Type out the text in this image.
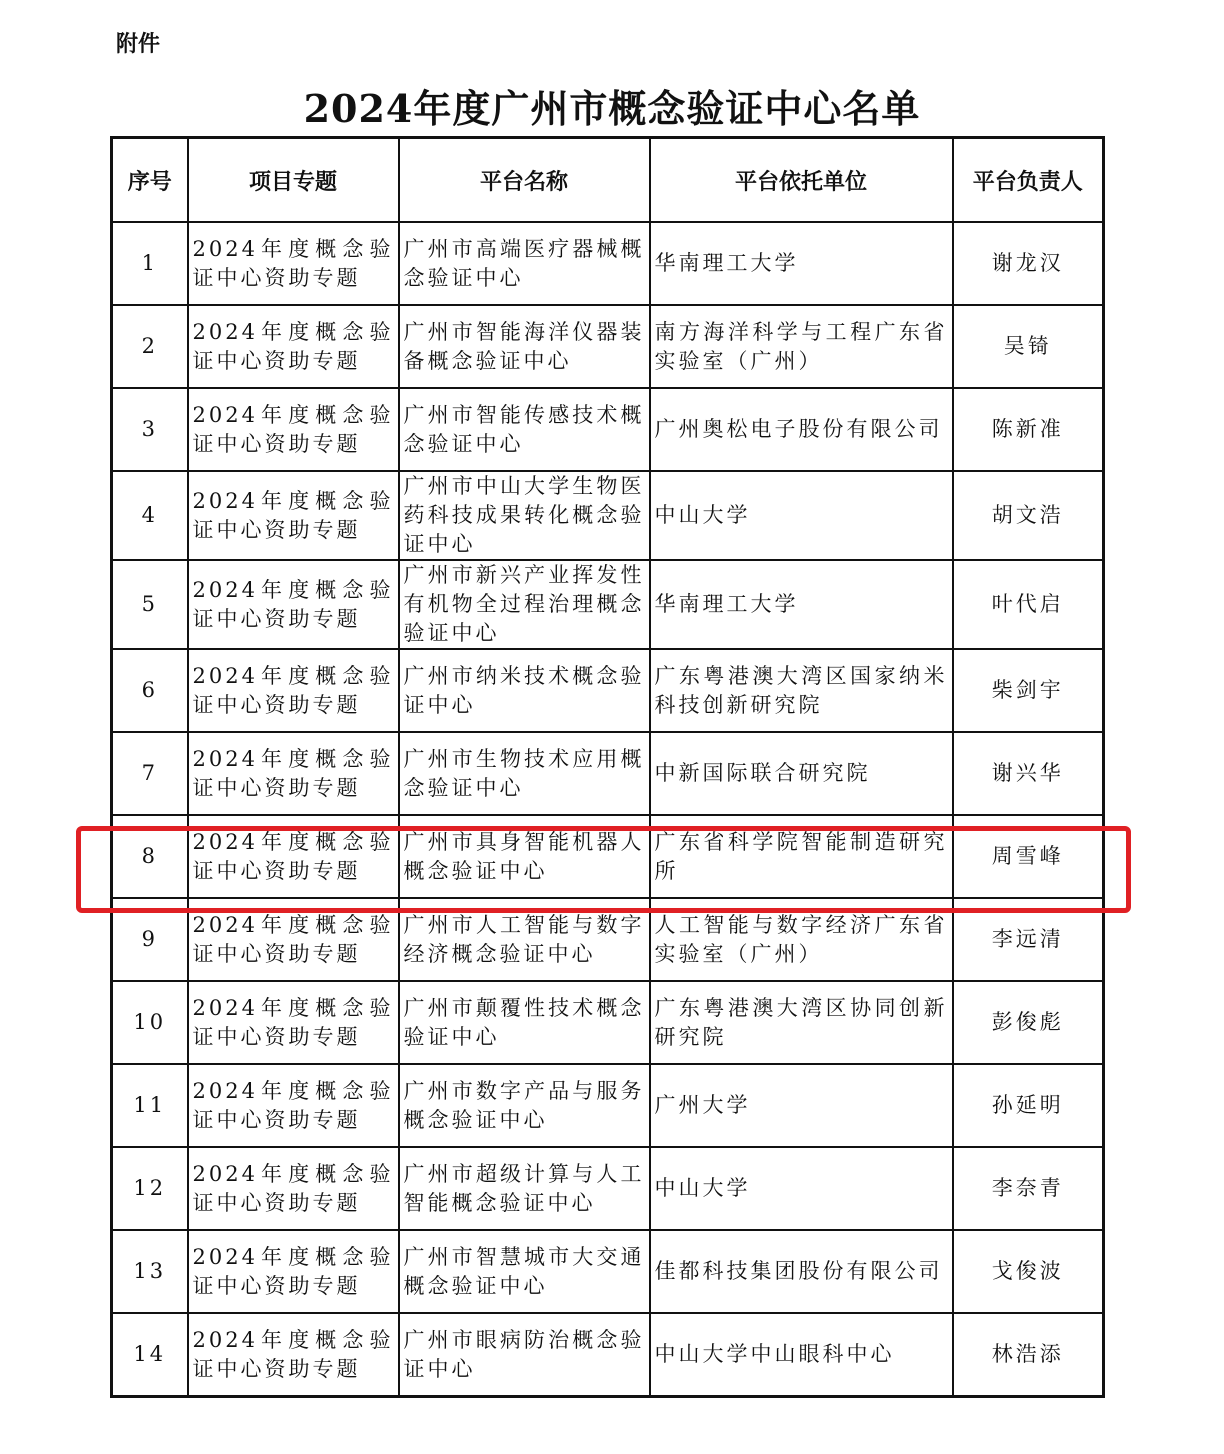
附件
2024年度广州市概念验证中心名单
序号	项目专题	平台名称	平台依托单位	平台负责人
1	2024年度概念验证中心资助专题	广州市高端医疗器械概念验证中心	华南理工大学	谢龙汉
2	2024年度概念验证中心资助专题	广州市智能海洋仪器装备概念验证中心	南方海洋科学与工程广东省实验室（广州）	吴锜
3	2024年度概念验证中心资助专题	广州市智能传感技术概念验证中心	广州奥松电子股份有限公司	陈新准
4	2024年度概念验证中心资助专题	广州市中山大学生物医药科技成果转化概念验证中心	中山大学	胡文浩
5	2024年度概念验证中心资助专题	广州市新兴产业挥发性有机物全过程治理概念验证中心	华南理工大学	叶代启
6	2024年度概念验证中心资助专题	广州市纳米技术概念验证中心	广东粤港澳大湾区国家纳米科技创新研究院	柴剑宇
7	2024年度概念验证中心资助专题	广州市生物技术应用概念验证中心	中新国际联合研究院	谢兴华
8	2024年度概念验证中心资助专题	广州市具身智能机器人概念验证中心	广东省科学院智能制造研究所	周雪峰
9	2024年度概念验证中心资助专题	广州市人工智能与数字经济概念验证中心	人工智能与数字经济广东省实验室（广州）	李远清
10	2024年度概念验证中心资助专题	广州市颠覆性技术概念验证中心	广东粤港澳大湾区协同创新研究院	彭俊彪
11	2024年度概念验证中心资助专题	广州市数字产品与服务概念验证中心	广州大学	孙延明
12	2024年度概念验证中心资助专题	广州市超级计算与人工智能概念验证中心	中山大学	李奈青
13	2024年度概念验证中心资助专题	广州市智慧城市大交通概念验证中心	佳都科技集团股份有限公司	戈俊波
14	2024年度概念验证中心资助专题	广州市眼病防治概念验证中心	中山大学中山眼科中心	林浩添
